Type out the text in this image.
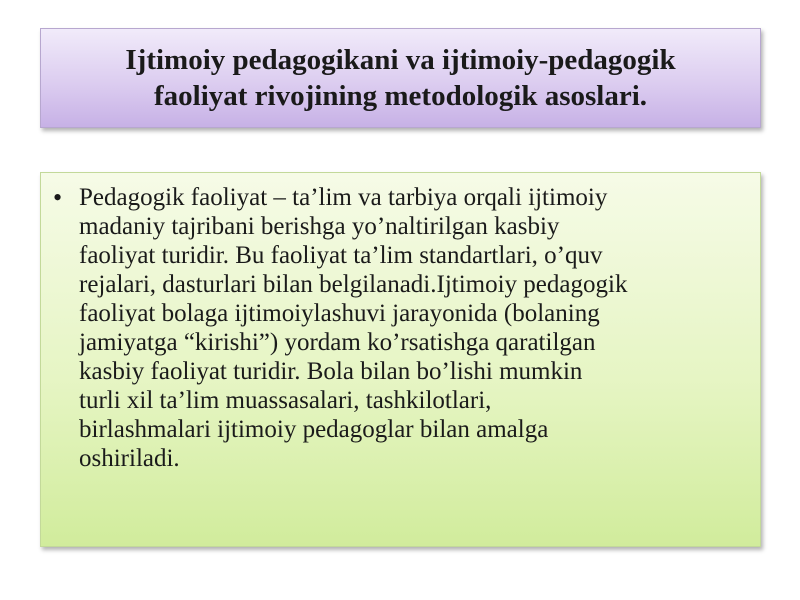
Ijtimoiy pedagogikani va ijtimoiy-pedagogik
faoliyat rivojining metodologik asoslari.
• Pedagogik faoliyat – ta’lim va tarbiya orqali ijtimoiy
madaniy tajribani berishga yo’naltirilgan kasbiy
faoliyat turidir. Bu faoliyat ta’lim standartlari, o’quv
rejalari, dasturlari bilan belgilanadi.Ijtimoiy pedagogik
faoliyat bolaga ijtimoiylashuvi jarayonida (bolaning
jamiyatga “kirishi”) yordam ko’rsatishga qaratilgan
kasbiy faoliyat turidir. Bola bilan bo’lishi mumkin
turli xil ta’lim muassasalari, tashkilotlari,
birlashmalari ijtimoiy pedagoglar bilan amalga
oshiriladi.
